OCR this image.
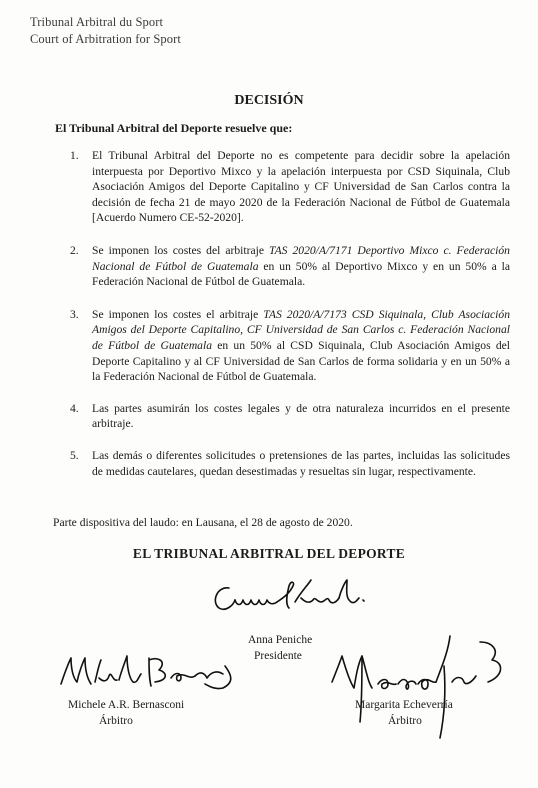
Tribunal Arbitral du Sport
Court of Arbitration for Sport
DECISIÓN
El Tribunal Arbitral del Deporte resuelve que:
1. El Tribunal Arbitral del Deporte no es competente para decidir sobre la apelación interpuesta por Deportivo Mixco y la apelación interpuesta por CSD Siquinala, Club Asociación Amigos del Deporte Capitalino y CF Universidad de San Carlos contra la decisión de fecha 21 de mayo 2020 de la Federación Nacional de Fútbol de Guatemala [Acuerdo Numero CE-52-2020].
2. Se imponen los costes del arbitraje TAS 2020/A/7171 Deportivo Mixco c. Federación Nacional de Fútbol de Guatemala en un 50% al Deportivo Mixco y en un 50% a la Federación Nacional de Fútbol de Guatemala.
3. Se imponen los costes el arbitraje TAS 2020/A/7173 CSD Siquinala, Club Asociación Amigos del Deporte Capitalino, CF Universidad de San Carlos c. Federación Nacional de Fútbol de Guatemala en un 50% al CSD Siquinala, Club Asociación Amigos del Deporte Capitalino y al CF Universidad de San Carlos de forma solidaria y en un 50% a la Federación Nacional de Fútbol de Guatemala.
4. Las partes asumirán los costes legales y de otra naturaleza incurridos en el presente arbitraje.
5. Las demás o diferentes solicitudes o pretensiones de las partes, incluidas las solicitudes de medidas cautelares, quedan desestimadas y resueltas sin lugar, respectivamente.
Parte dispositiva del laudo: en Lausana, el 28 de agosto de 2020.
EL TRIBUNAL ARBITRAL DEL DEPORTE
Anna Peniche
Presidente
Michele A.R. Bernasconi
Árbitro
Margarita Echeverría
Árbitro
